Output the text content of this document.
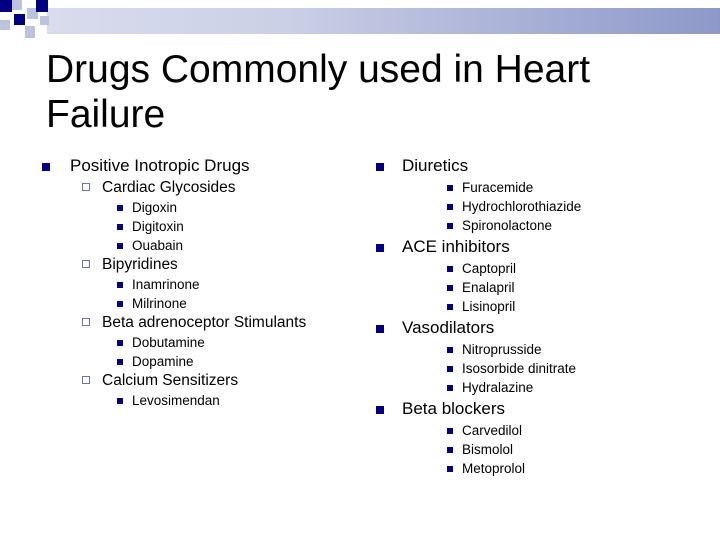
Drugs Commonly used in Heart Failure
Positive Inotropic Drugs
Cardiac Glycosides
Digoxin
Digitoxin
Ouabain
Bipyridines
Inamrinone
Milrinone
Beta adrenoceptor Stimulants
Dobutamine
Dopamine
Calcium Sensitizers
Levosimendan
Diuretics
Furacemide
Hydrochlorothiazide
Spironolactone
ACE inhibitors
Captopril
Enalapril
Lisinopril
Vasodilators
Nitroprusside
Isosorbide dinitrate
Hydralazine
Beta blockers
Carvedilol
Bismolol
Metoprolol
